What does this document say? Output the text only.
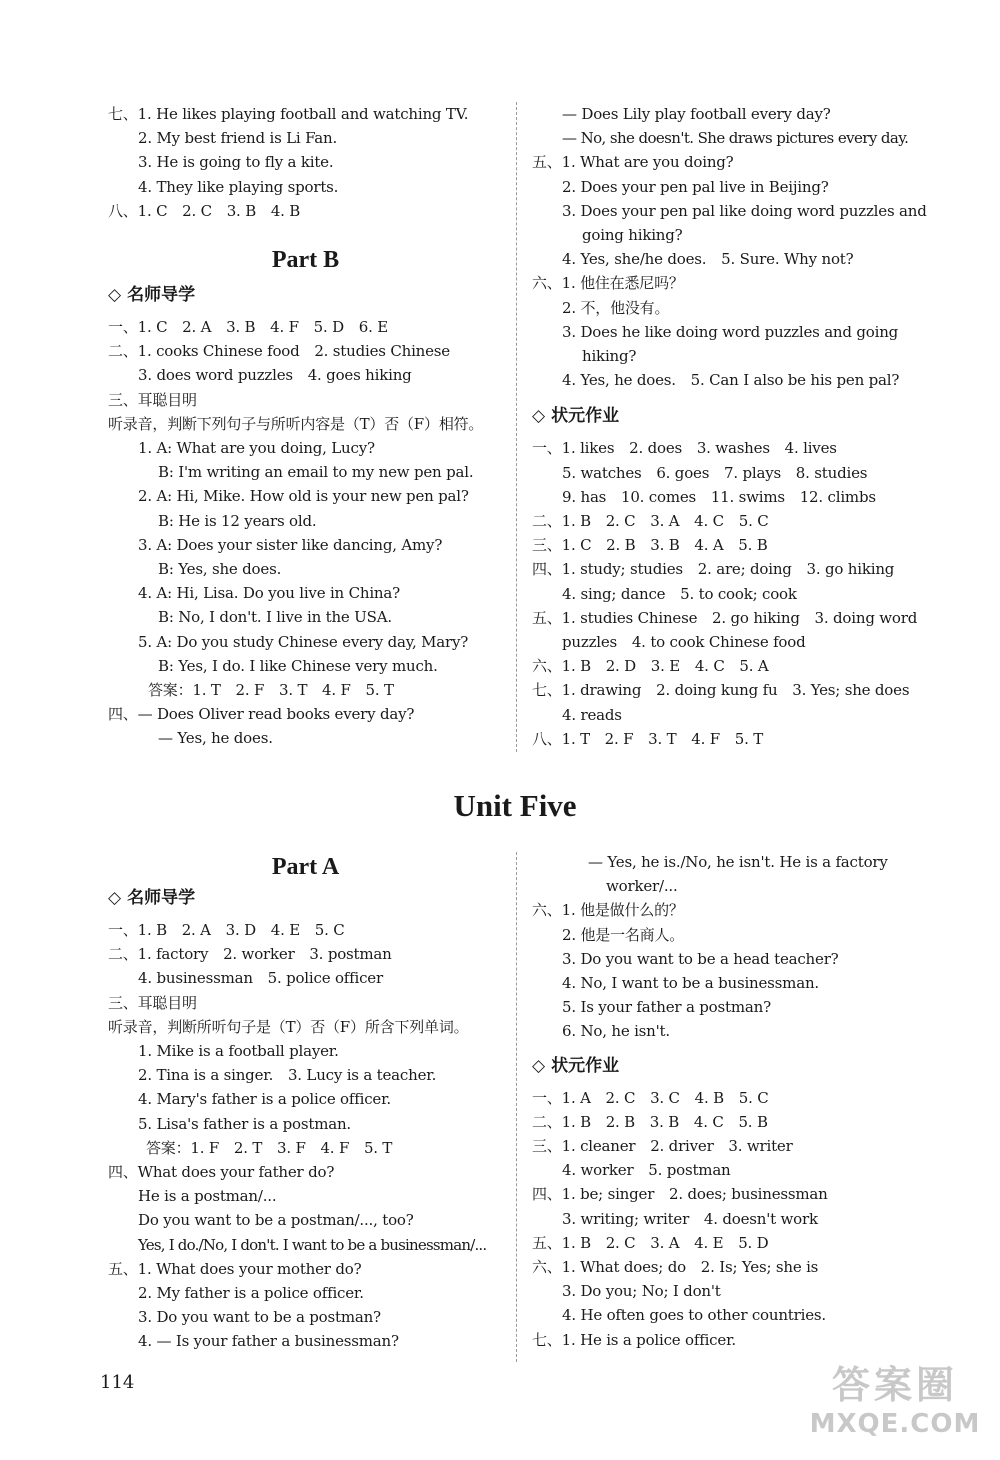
七、1. He likes playing football and watching TV.
2. My best friend is Li Fan.
3. He is going to fly a kite.
4. They like playing sports.
八、1. C　2. C　3. B　4. B
Part B
◇ 名师导学
一、1. C　2. A　3. B　4. F　5. D　6. E
二、1. cooks Chinese food　2. studies Chinese
3. does word puzzles　4. goes hiking
三、耳聪目明
听录音，判断下列句子与所听内容是（T）否（F）相符。
1. A: What are you doing, Lucy?
B: I'm writing an email to my new pen pal.
2. A: Hi, Mike. How old is your new pen pal?
B: He is 12 years old.
3. A: Does your sister like dancing, Amy?
B: Yes, she does.
4. A: Hi, Lisa. Do you live in China?
B: No, I don't. I live in the USA.
5. A: Do you study Chinese every day, Mary?
B: Yes, I do. I like Chinese very much.
答案：1. T　2. F　3. T　4. F　5. T
四、— Does Oliver read books every day?
— Yes, he does.
— Does Lily play football every day?
— No, she doesn't. She draws pictures every day.
五、1. What are you doing?
2. Does your pen pal live in Beijing?
3. Does your pen pal like doing word puzzles and
going hiking?
4. Yes, she/he does.　5. Sure. Why not?
六、1. 他住在悉尼吗？
2. 不，他没有。
3. Does he like doing word puzzles and going
hiking?
4. Yes, he does.　5. Can I also be his pen pal?
◇ 状元作业
一、1. likes　2. does　3. washes　4. lives
5. watches　6. goes　7. plays　8. studies
9. has　10. comes　11. swims　12. climbs
二、1. B　2. C　3. A　4. C　5. C
三、1. C　2. B　3. B　4. A　5. B
四、1. study; studies　2. are; doing　3. go hiking
4. sing; dance　5. to cook; cook
五、1. studies Chinese　2. go hiking　3. doing word
puzzles　4. to cook Chinese food
六、1. B　2. D　3. E　4. C　5. A
七、1. drawing　2. doing kung fu　3. Yes; she does
4. reads
八、1. T　2. F　3. T　4. F　5. T
Unit Five
Part A
◇ 名师导学
一、1. B　2. A　3. D　4. E　5. C
二、1. factory　2. worker　3. postman
4. businessman　5. police officer
三、耳聪目明
听录音，判断所听句子是（T）否（F）所含下列单词。
1. Mike is a football player.
2. Tina is a singer.　3. Lucy is a teacher.
4. Mary's father is a police officer.
5. Lisa's father is a postman.
答案：1. F　2. T　3. F　4. F　5. T
四、What does your father do?
He is a postman/...
Do you want to be a postman/..., too?
Yes, I do./No, I don't. I want to be a businessman/...
五、1. What does your mother do?
2. My father is a police officer.
3. Do you want to be a postman?
4. — Is your father a businessman?
— Yes, he is./No, he isn't. He is a factory
worker/...
六、1. 他是做什么的？
2. 他是一名商人。
3. Do you want to be a head teacher?
4. No, I want to be a businessman.
5. Is your father a postman?
6. No, he isn't.
◇ 状元作业
一、1. A　2. C　3. C　4. B　5. C
二、1. B　2. B　3. B　4. C　5. B
三、1. cleaner　2. driver　3. writer
4. worker　5. postman
四、1. be; singer　2. does; businessman
3. writing; writer　4. doesn't work
五、1. B　2. C　3. A　4. E　5. D
六、1. What does; do　2. Is; Yes; she is
3. Do you; No; I don't
4. He often goes to other countries.
七、1. He is a police officer.
114	答案圈
MXQE.COM
